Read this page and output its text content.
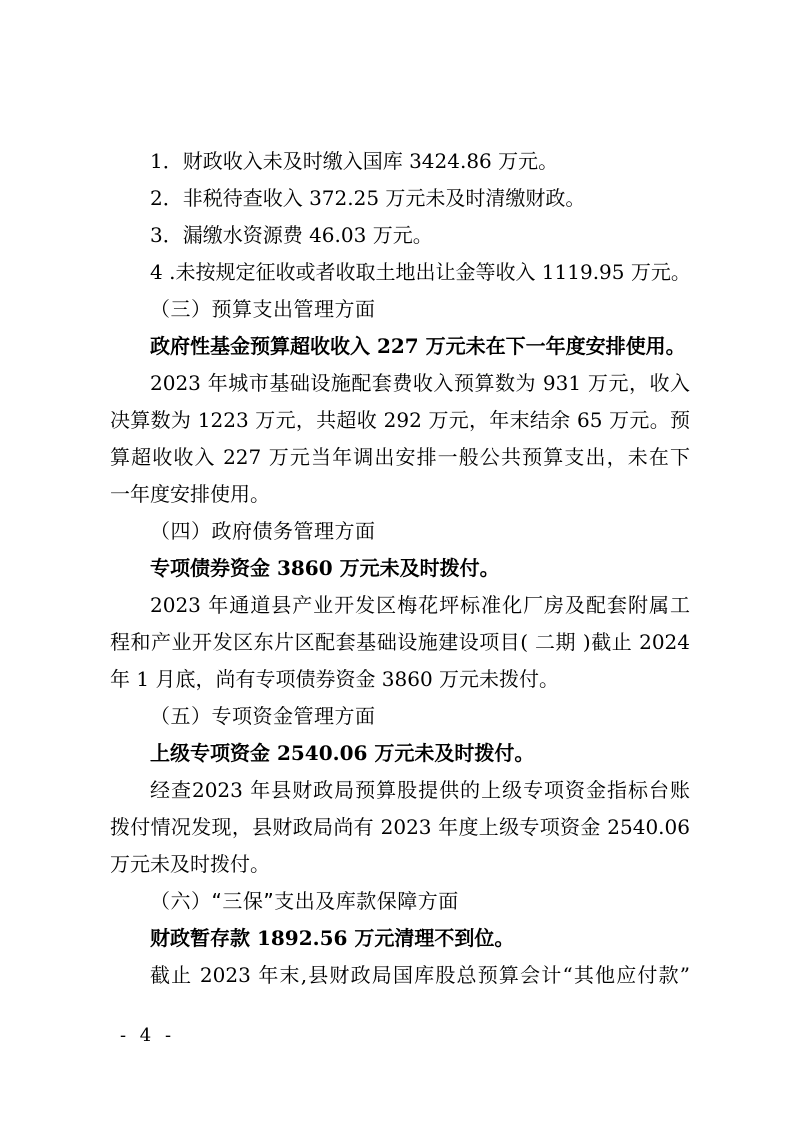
1．财政收入未及时缴入国库 3424.86 万元。
2．非税待查收入 372.25 万元未及时清缴财政。
3．漏缴水资源费 46.03 万元。
4 .未按规定征收或者收取土地出让金等收入 1119.95 万元。
（三）预算支出管理方面
政府性基金预算超收收入 227 万元未在下一年度安排使用。
2023 年城市基础设施配套费收入预算数为 931 万元，收入
决算数为 1223 万元，共超收 292 万元，年末结余 65 万元。预
算超收收入 227 万元当年调出安排一般公共预算支出，未在下
一年度安排使用。
（四）政府债务管理方面
专项债券资金 3860 万元未及时拨付。
2023 年通道县产业开发区梅花坪标准化厂房及配套附属工
程和产业开发区东片区配套基础设施建设项目( 二期 )截止 2024
年 1 月底，尚有专项债券资金 3860 万元未拨付。
（五）专项资金管理方面
上级专项资金 2540.06 万元未及时拨付。
经查2023 年县财政局预算股提供的上级专项资金指标台账
拨付情况发现，县财政局尚有 2023 年度上级专项资金 2540.06
万元未及时拨付。
（六）“三保”支出及库款保障方面
财政暂存款 1892.56 万元清理不到位。
截止 2023 年末,县财政局国库股总预算会计“其他应付款”
- 4 -
